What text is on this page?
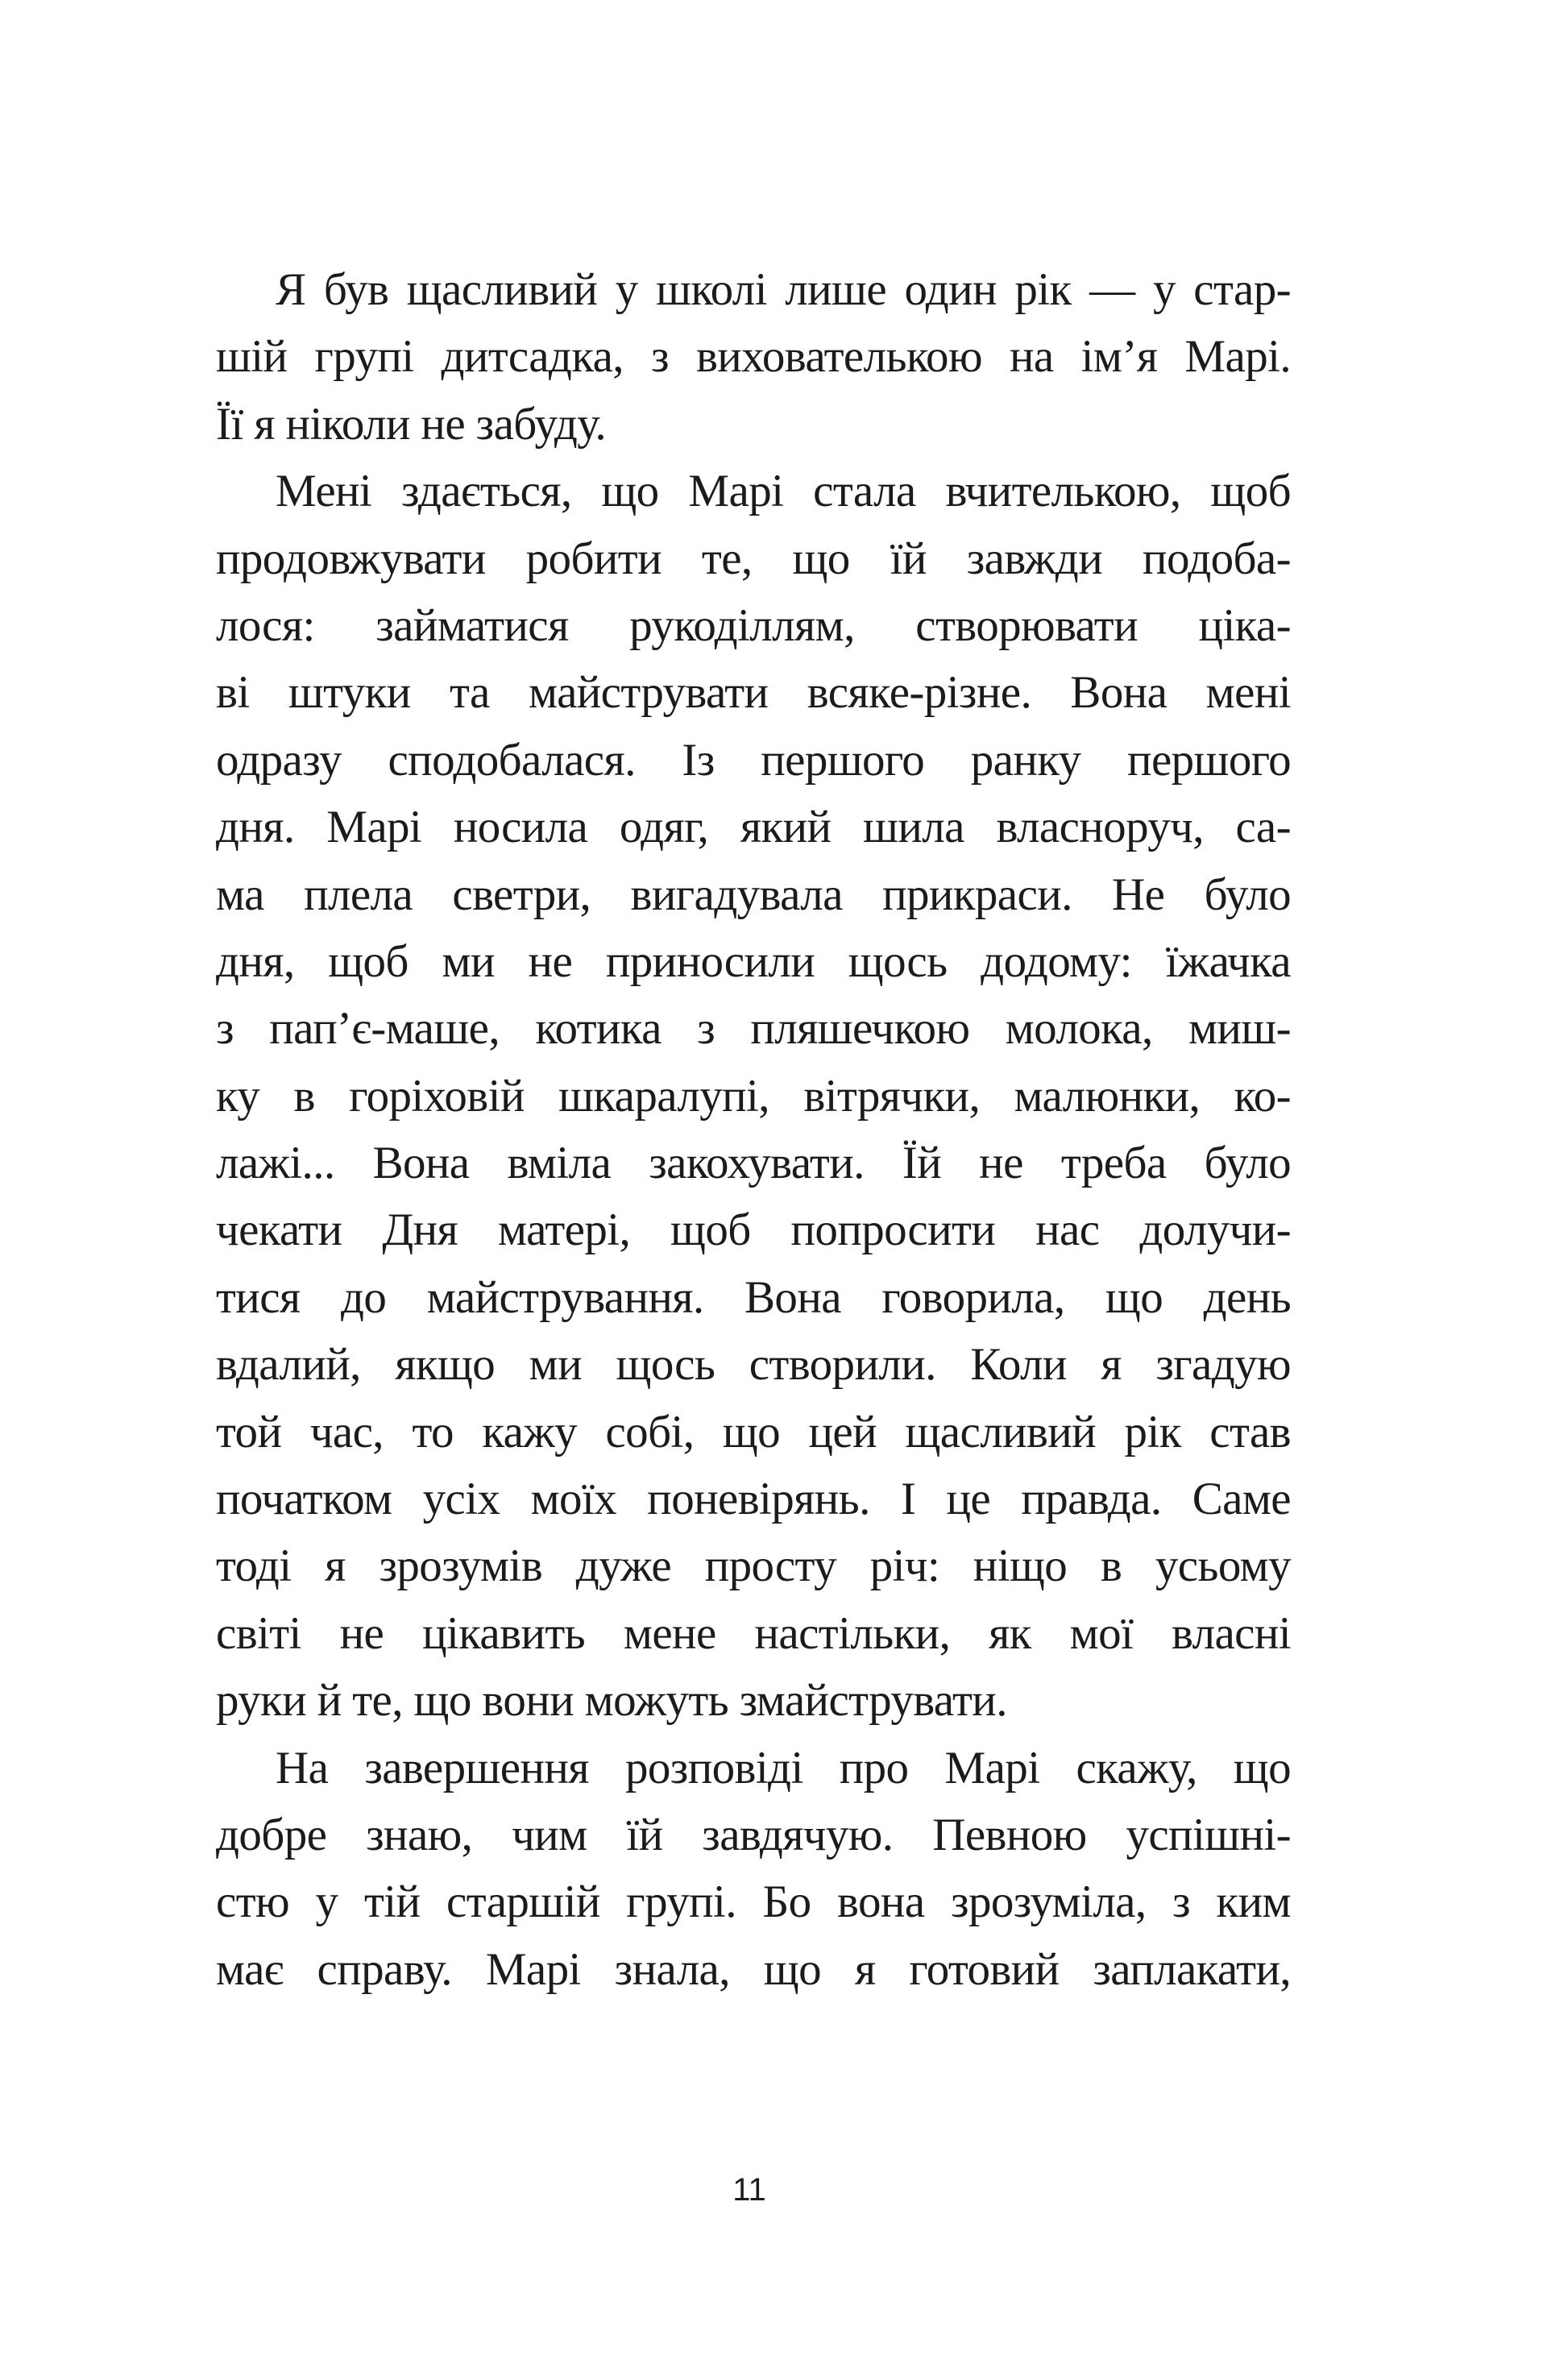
Я був щасливий у школі лише один рік — у стар-
шій групі дитсадка, з вихователькою на ім’я Марі.
Її я ніколи не забуду.
Мені здається, що Марі стала вчителькою, щоб
продовжувати робити те, що їй завжди подоба-
лося: займатися рукоділлям, створювати ціка-
ві штуки та майструвати всяке-різне. Вона мені
одразу сподобалася. Із першого ранку першого
дня. Марі носила одяг, який шила власноруч, са-
ма плела светри, вигадувала прикраси. Не було
дня, щоб ми не приносили щось додому: їжачка
з пап’є-маше, котика з пляшечкою молока, миш-
ку в горіховій шкаралупі, вітрячки, малюнки, ко-
лажі... Вона вміла закохувати. Їй не треба було
чекати Дня матері, щоб попросити нас долучи-
тися до майстрування. Вона говорила, що день
вдалий, якщо ми щось створили. Коли я згадую
той час, то кажу собі, що цей щасливий рік став
початком усіх моїх поневірянь. І це правда. Саме
тоді я зрозумів дуже просту річ: ніщо в усьому
світі не цікавить мене настільки, як мої власні
руки й те, що вони можуть змайструвати.
На завершення розповіді про Марі скажу, що
добре знаю, чим їй завдячую. Певною успішні-
стю у тій старшій групі. Бо вона зрозуміла, з ким
має справу. Марі знала, що я готовий заплакати,
11
